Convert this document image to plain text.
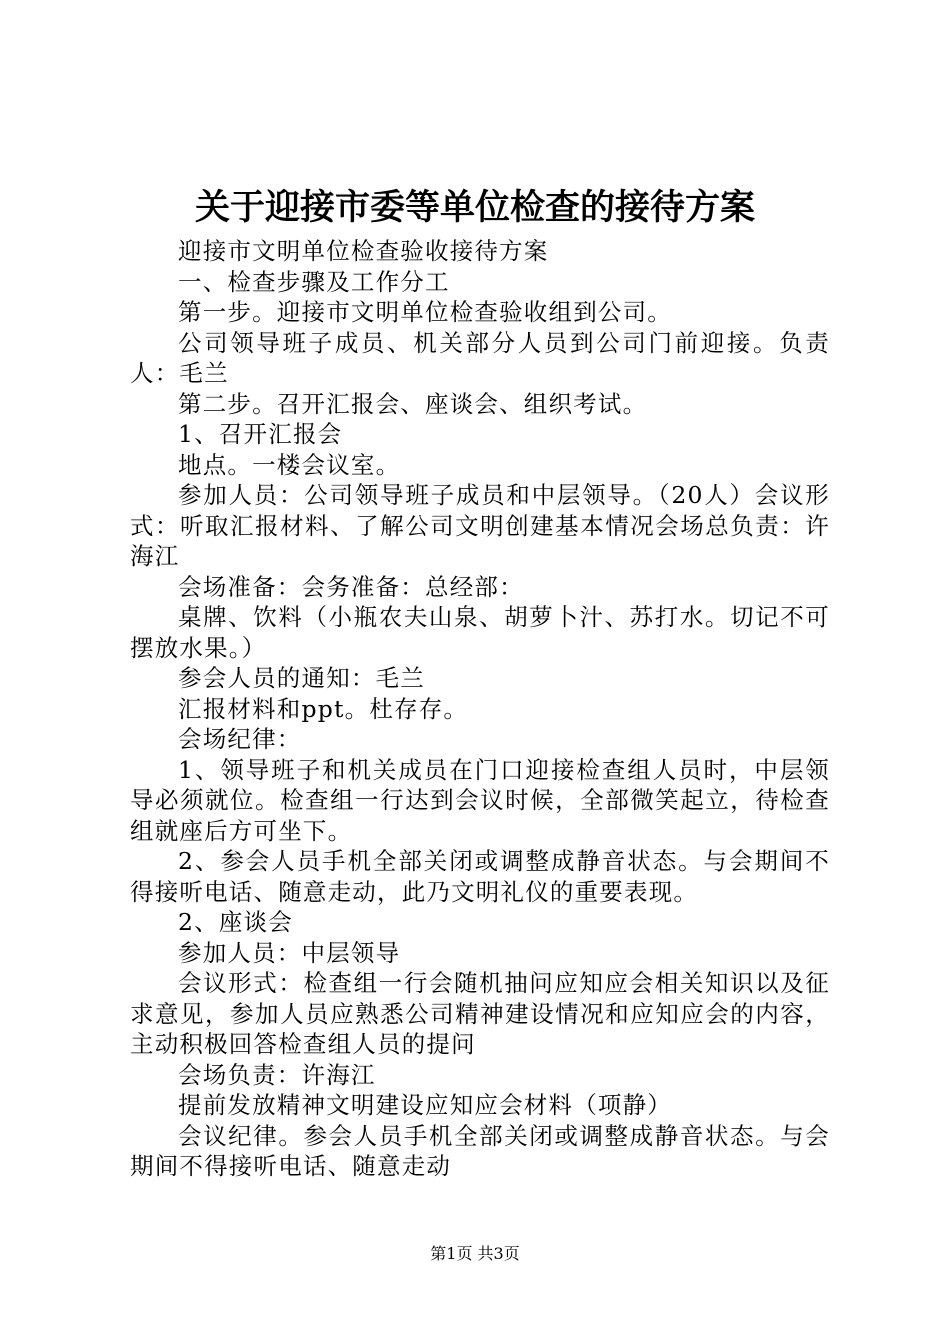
关于迎接市委等单位检查的接待方案

迎接市文明单位检查验收接待方案

一、检查步骤及工作分工

第一步。迎接市文明单位检查验收组到公司。

公司领导班子成员、机关部分人员到公司门前迎接。负责人：毛兰

第二步。召开汇报会、座谈会、组织考试。

1、召开汇报会

地点。一楼会议室。

参加人员：公司领导班子成员和中层领导。（20人）会议形式：听取汇报材料、了解公司文明创建基本情况会场总负责：许海江

会场准备：会务准备：总经部：

桌牌、饮料（小瓶农夫山泉、胡萝卜汁、苏打水。切记不可摆放水果。）

参会人员的通知：毛兰

汇报材料和ppt。杜存存。

会场纪律：

1、领导班子和机关成员在门口迎接检查组人员时，中层领导必须就位。检查组一行达到会议时候，全部微笑起立，待检查组就座后方可坐下。

2、参会人员手机全部关闭或调整成静音状态。与会期间不得接听电话、随意走动，此乃文明礼仪的重要表现。

2、座谈会

参加人员：中层领导

会议形式：检查组一行会随机抽问应知应会相关知识以及征求意见，参加人员应熟悉公司精神建设情况和应知应会的内容，主动积极回答检查组人员的提问

会场负责：许海江

提前发放精神文明建设应知应会材料（项静）

会议纪律。参会人员手机全部关闭或调整成静音状态。与会期间不得接听电话、随意走动

第1页 共3页
